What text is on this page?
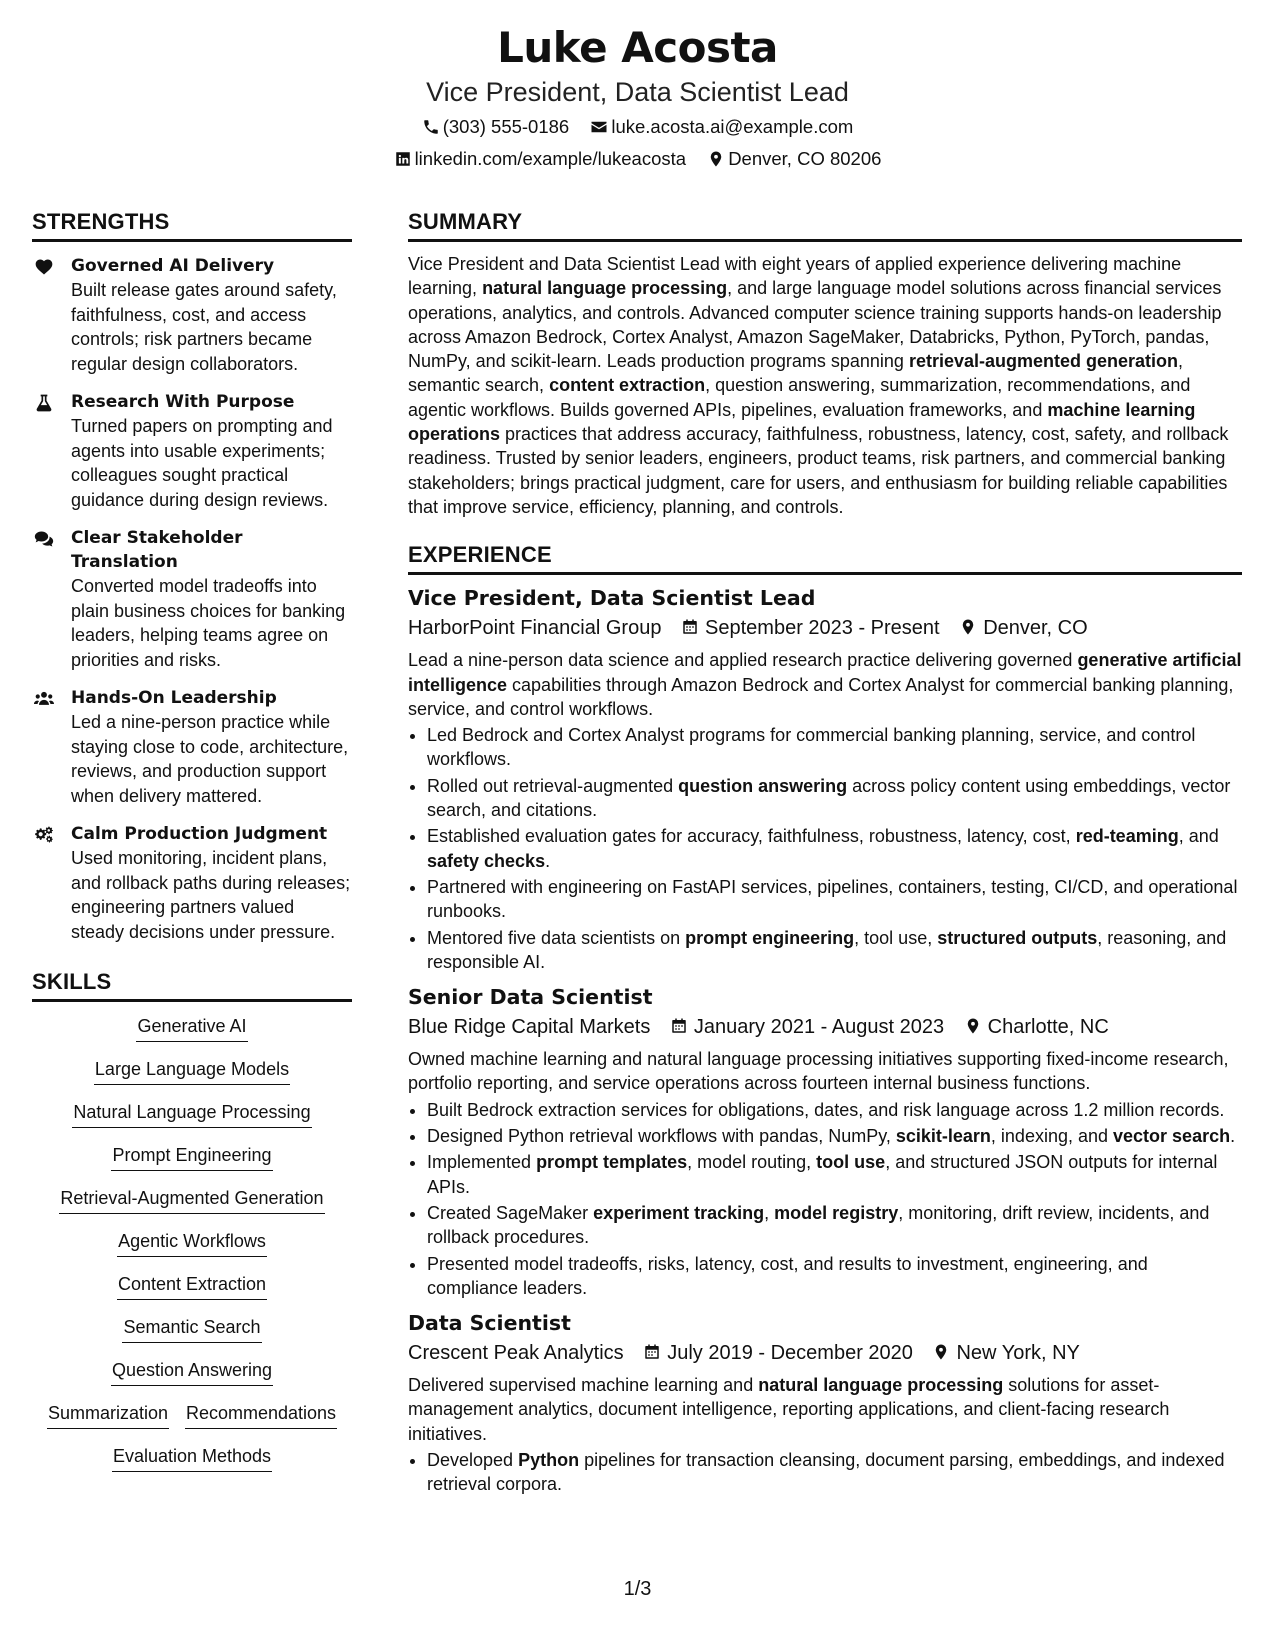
Luke Acosta
Vice President, Data Scientist Lead
(303) 555-0186 luke.acosta.ai@example.com
linkedin.com/example/lukeacosta Denver, CO 80206
STRENGTHS
Governed AI Delivery
Built release gates around safety, faithfulness, cost, and access controls; risk partners became regular design collaborators.
Research With Purpose
Turned papers on prompting and agents into usable experiments; colleagues sought practical guidance during design reviews.
Clear Stakeholder Translation
Converted model tradeoffs into plain business choices for banking leaders, helping teams agree on priorities and risks.
Hands-On Leadership
Led a nine-person practice while staying close to code, architecture, reviews, and production support when delivery mattered.
Calm Production Judgment
Used monitoring, incident plans, and rollback paths during releases; engineering partners valued steady decisions under pressure.
SKILLS
Generative AI
Large Language Models
Natural Language Processing
Prompt Engineering
Retrieval-Augmented Generation
Agentic Workflows
Content Extraction
Semantic Search
Question Answering
Summarization Recommendations
Evaluation Methods
SUMMARY
Vice President and Data Scientist Lead with eight years of applied experience delivering machine learning, natural language processing, and large language model solutions across financial services operations, analytics, and controls. Advanced computer science training supports hands-on leadership across Amazon Bedrock, Cortex Analyst, Amazon SageMaker, Databricks, Python, PyTorch, pandas, NumPy, and scikit-learn. Leads production programs spanning retrieval-augmented generation, semantic search, content extraction, question answering, summarization, recommendations, and agentic workflows. Builds governed APIs, pipelines, evaluation frameworks, and machine learning operations practices that address accuracy, faithfulness, robustness, latency, cost, safety, and rollback readiness. Trusted by senior leaders, engineers, product teams, risk partners, and commercial banking stakeholders; brings practical judgment, care for users, and enthusiasm for building reliable capabilities that improve service, efficiency, planning, and controls.
EXPERIENCE
Vice President, Data Scientist Lead
HarborPoint Financial Group September 2023 - Present Denver, CO
Lead a nine-person data science and applied research practice delivering governed generative artificial intelligence capabilities through Amazon Bedrock and Cortex Analyst for commercial banking planning, service, and control workflows.
• Led Bedrock and Cortex Analyst programs for commercial banking planning, service, and control workflows.
• Rolled out retrieval-augmented question answering across policy content using embeddings, vector search, and citations.
• Established evaluation gates for accuracy, faithfulness, robustness, latency, cost, red-teaming, and safety checks.
• Partnered with engineering on FastAPI services, pipelines, containers, testing, CI/CD, and operational runbooks.
• Mentored five data scientists on prompt engineering, tool use, structured outputs, reasoning, and responsible AI.
Senior Data Scientist
Blue Ridge Capital Markets January 2021 - August 2023 Charlotte, NC
Owned machine learning and natural language processing initiatives supporting fixed-income research, portfolio reporting, and service operations across fourteen internal business functions.
• Built Bedrock extraction services for obligations, dates, and risk language across 1.2 million records.
• Designed Python retrieval workflows with pandas, NumPy, scikit-learn, indexing, and vector search.
• Implemented prompt templates, model routing, tool use, and structured JSON outputs for internal APIs.
• Created SageMaker experiment tracking, model registry, monitoring, drift review, incidents, and rollback procedures.
• Presented model tradeoffs, risks, latency, cost, and results to investment, engineering, and compliance leaders.
Data Scientist
Crescent Peak Analytics July 2019 - December 2020 New York, NY
Delivered supervised machine learning and natural language processing solutions for asset-management analytics, document intelligence, reporting applications, and client-facing research initiatives.
• Developed Python pipelines for transaction cleansing, document parsing, embeddings, and indexed retrieval corpora.
1/3
